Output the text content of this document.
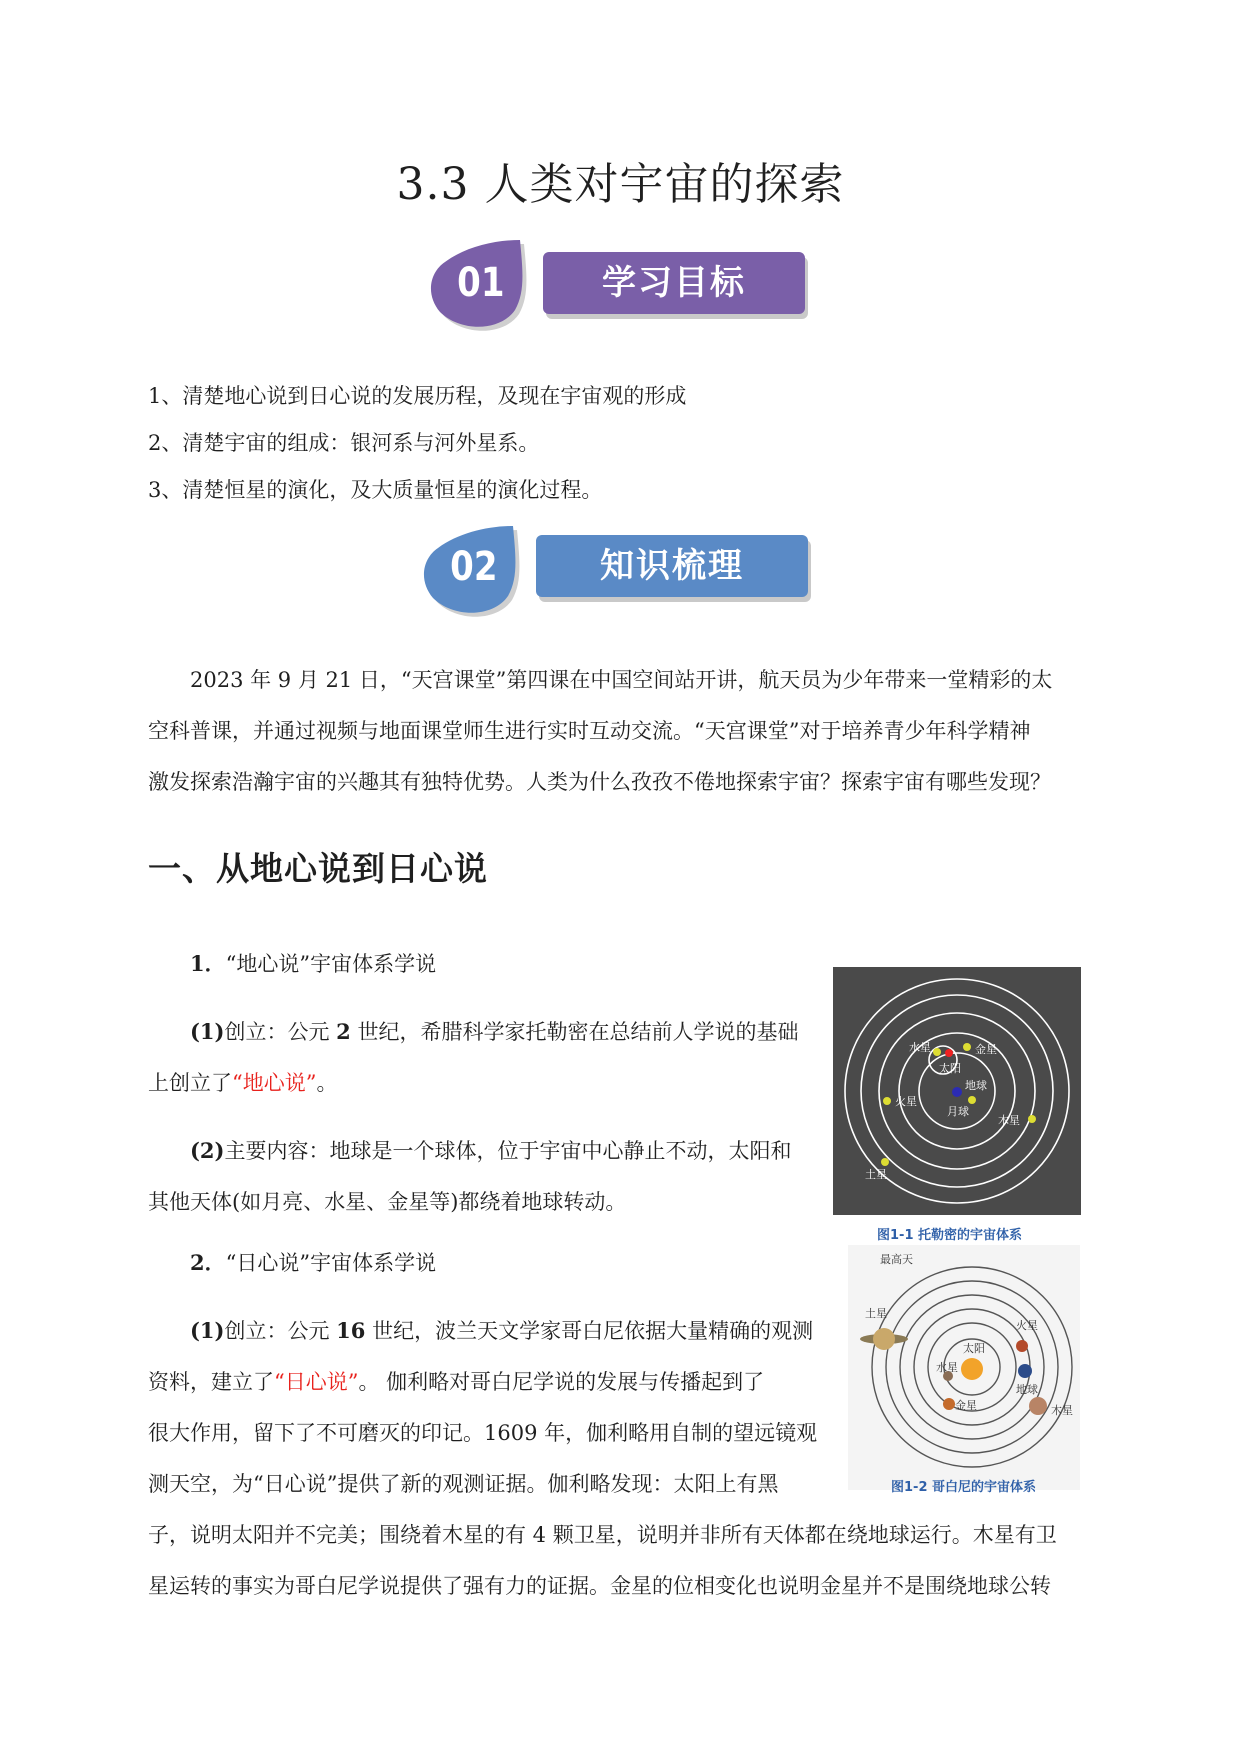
3.3 人类对宇宙的探索
01	学习目标
1、清楚地心说到日心说的发展历程，及现在宇宙观的形成
2、清楚宇宙的组成：银河系与河外星系。
3、清楚恒星的演化，及大质量恒星的演化过程。
02	知识梳理
2023 年 9 月 21 日，“天宫课堂”第四课在中国空间站开讲，航天员为少年带来一堂精彩的太
空科普课，并通过视频与地面课堂师生进行实时互动交流。“天宫课堂”对于培养青少年科学精神
激发探索浩瀚宇宙的兴趣其有独特优势。人类为什么孜孜不倦地探索宇宙？探索宇宙有哪些发现？
一、从地心说到日心说
1．“地心说”宇宙体系学说
(1)创立：公元 2 世纪，希腊科学家托勒密在总结前人学说的基础
上创立了“地心说”。
(2)主要内容：地球是一个球体，位于宇宙中心静止不动，太阳和
其他天体(如月亮、水星、金星等)都绕着地球转动。
2．“日心说”宇宙体系学说
(1)创立：公元 16 世纪，波兰天文学家哥白尼依据大量精确的观测
资料，建立了“日心说”。 伽利略对哥白尼学说的发展与传播起到了
很大作用，留下了不可磨灭的印记。1609 年，伽利略用自制的望远镜观
测天空，为“日心说”提供了新的观测证据。伽利略发现：太阳上有黑
子，说明太阳并不完美；围绕着木星的有 4 颗卫星，说明并非所有天体都在绕地球运行。木星有卫
星运转的事实为哥白尼学说提供了强有力的证据。金星的位相变化也说明金星并不是围绕地球公转
水星	金星
太阳
地球
月球
火星
木星
土星
图1-1 托勒密的宇宙体系
最高天
土星
火星
太阳
水星
地球
金星	木星
图1-2 哥白尼的宇宙体系
